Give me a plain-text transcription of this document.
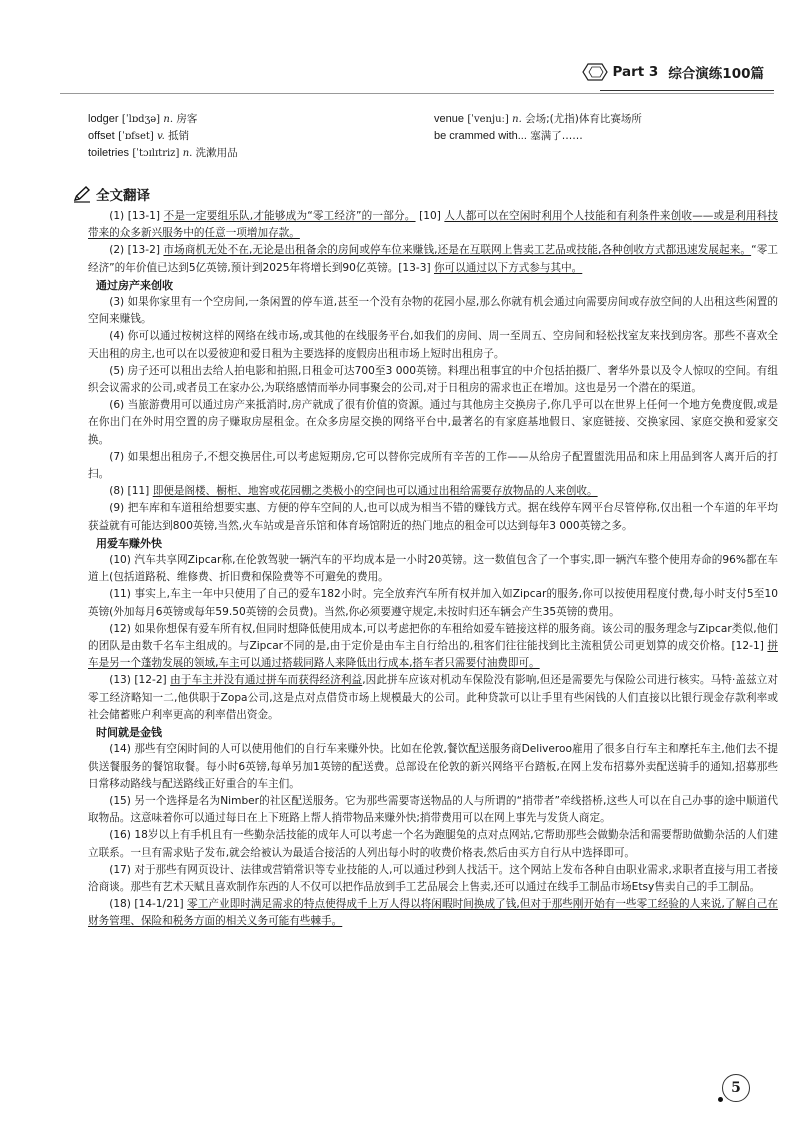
Part 3 综合演练100篇
lodger [ˈlɒdʒə] n. 房客	venue [ˈvenjuː] n. 会场;(尤指)体育比赛场所
offset [ˈɒfset] v. 抵销	be crammed with... 塞满了……
toiletries [ˈtɔɪlɪtriz] n. 洗漱用品
全文翻译

(1) [13-1] 不是一定要组乐队,才能够成为“零工经济”的一部分。 [10] 人人都可以在空闲时利用个人技能和有利条件来创收——或是利用科技带来的众多新兴服务中的任意一项增加存款。

(2) [13-2] 市场商机无处不在,无论是出租备余的房间或停车位来赚钱,还是在互联网上售卖工艺品或技能,各种创收方式都迅速发展起来。“零工经济”的年价值已达到5亿英镑,预计到2025年将增长到90亿英镑。[13-3] 你可以通过以下方式参与其中。

通过房产来创收

(3) 如果你家里有一个空房间,一条闲置的停车道,甚至一个没有杂物的花园小屋,那么你就有机会通过向需要房间或存放空间的人出租这些闲置的空间来赚钱。

(4) 你可以通过桉树这样的网络在线市场,或其他的在线服务平台,如我们的房间、周一至周五、空房间和轻松找室友来找到房客。那些不喜欢全天出租的房主,也可以在以爱彼迎和爱日租为主要选择的度假房出租市场上短时出租房子。

(5) 房子还可以租出去给人拍电影和拍照,日租金可达700至3 000英镑。料理出租事宜的中介包括拍摄厂、奢华外景以及令人惊叹的空间。有组织会议需求的公司,或者员工在家办公,为联络感情而举办同事聚会的公司,对于日租房的需求也正在增加。这也是另一个潜在的渠道。

(6) 当旅游费用可以通过房产来抵消时,房产就成了很有价值的资源。通过与其他房主交换房子,你几乎可以在世界上任何一个地方免费度假,或是在你出门在外时用空置的房子赚取房屋租金。在众多房屋交换的网络平台中,最著名的有家庭基地假日、家庭链接、交换家园、家庭交换和爱家交换。

(7) 如果想出租房子,不想交换居住,可以考虑短期房,它可以替你完成所有辛苦的工作——从给房子配置盥洗用品和床上用品到客人离开后的打扫。

(8) [11] 即便是阁楼、橱柜、地窖或花园棚之类极小的空间也可以通过出租给需要存放物品的人来创收。

(9) 把车库和车道租给想要实惠、方便的停车空间的人,也可以成为相当不错的赚钱方式。据在线停车网平台尽管停称,仅出租一个车道的年平均获益就有可能达到800英镑,当然,火车站或是音乐馆和体育场馆附近的热门地点的租金可以达到每年3 000英镑之多。

用爱车赚外快

(10) 汽车共享网Zipcar称,在伦敦驾驶一辆汽车的平均成本是一小时20英镑。这一数值包含了一个事实,即一辆汽车整个使用寿命的96%都在车道上(包括道路税、维修费、折旧费和保险费等不可避免的费用。

(11) 事实上,车主一年中只使用了自己的爱车182小时。完全放弃汽车所有权并加入如Zipcar的服务,你可以按使用程度付费,每小时支付5至10英镑(外加每月6英镑或每年59.50英镑的会员费)。当然,你必须要遵守规定,未按时归还车辆会产生35英镑的费用。

(12) 如果你想保有爱车所有权,但同时想降低使用成本,可以考虑把你的车租给如爱车链接这样的服务商。该公司的服务理念与Zipcar类似,他们的团队是由数千名车主组成的。与Zipcar不同的是,由于定价是由车主自行给出的,租客们往往能找到比主流租赁公司更划算的成交价格。[12-1] 拼车是另一个蓬勃发展的领域,车主可以通过搭载同路人来降低出行成本,搭车者只需要付油费即可。

(13) [12-2] 由于车主并没有通过拼车而获得经济利益,因此拼车应该对机动车保险没有影响,但还是需要先与保险公司进行核实。马特·盖兹立对零工经济略知一二,他供职于Zopa公司,这是点对点借贷市场上规模最大的公司。此种贷款可以让手里有些闲钱的人们直接以比银行现金存款利率或社会储蓄账户利率更高的利率借出资金。

时间就是金钱

(14) 那些有空闲时间的人可以使用他们的自行车来赚外快。比如在伦敦,餐饮配送服务商Deliveroo雇用了很多自行车主和摩托车主,他们去不提供送餐服务的餐馆取餐。每小时6英镑,每单另加1英镑的配送费。总部设在伦敦的新兴网络平台踏板,在网上发布招募外卖配送骑手的通知,招募那些日常移动路线与配送路线正好重合的车主们。

(15) 另一个选择是名为Nimber的社区配送服务。它为那些需要寄送物品的人与所谓的“捎带者”牵线搭桥,这些人可以在自己办事的途中顺道代取物品。这意味着你可以通过每日在上下班路上帮人捎带物品来赚外快;捎带费用可以在网上事先与发货人商定。

(16) 18岁以上有手机且有一些勤杂活技能的成年人可以考虑一个名为跑腿兔的点对点网站,它帮助那些会做勤杂活和需要帮助做勤杂活的人们建立联系。一旦有需求贴子发布,就会给被认为最适合接活的人列出每小时的收费价格表,然后由买方自行从中选择即可。

(17) 对于那些有网页设计、法律或营销常识等专业技能的人,可以通过秒到人找活干。这个网站上发布各种自由职业需求,求职者直接与用工者接洽商谈。那些有艺术天赋且喜欢制作东西的人不仅可以把作品放到手工艺品展会上售卖,还可以通过在线手工制品市场Etsy售卖自己的手工制品。

(18) [14-1/21] 零工产业即时满足需求的特点使得成千上万人得以将闲暇时间换成了钱,但对于那些刚开始有一些零工经验的人来说,了解自己在财务管理、保险和税务方面的相关义务可能有些棘手。

5
